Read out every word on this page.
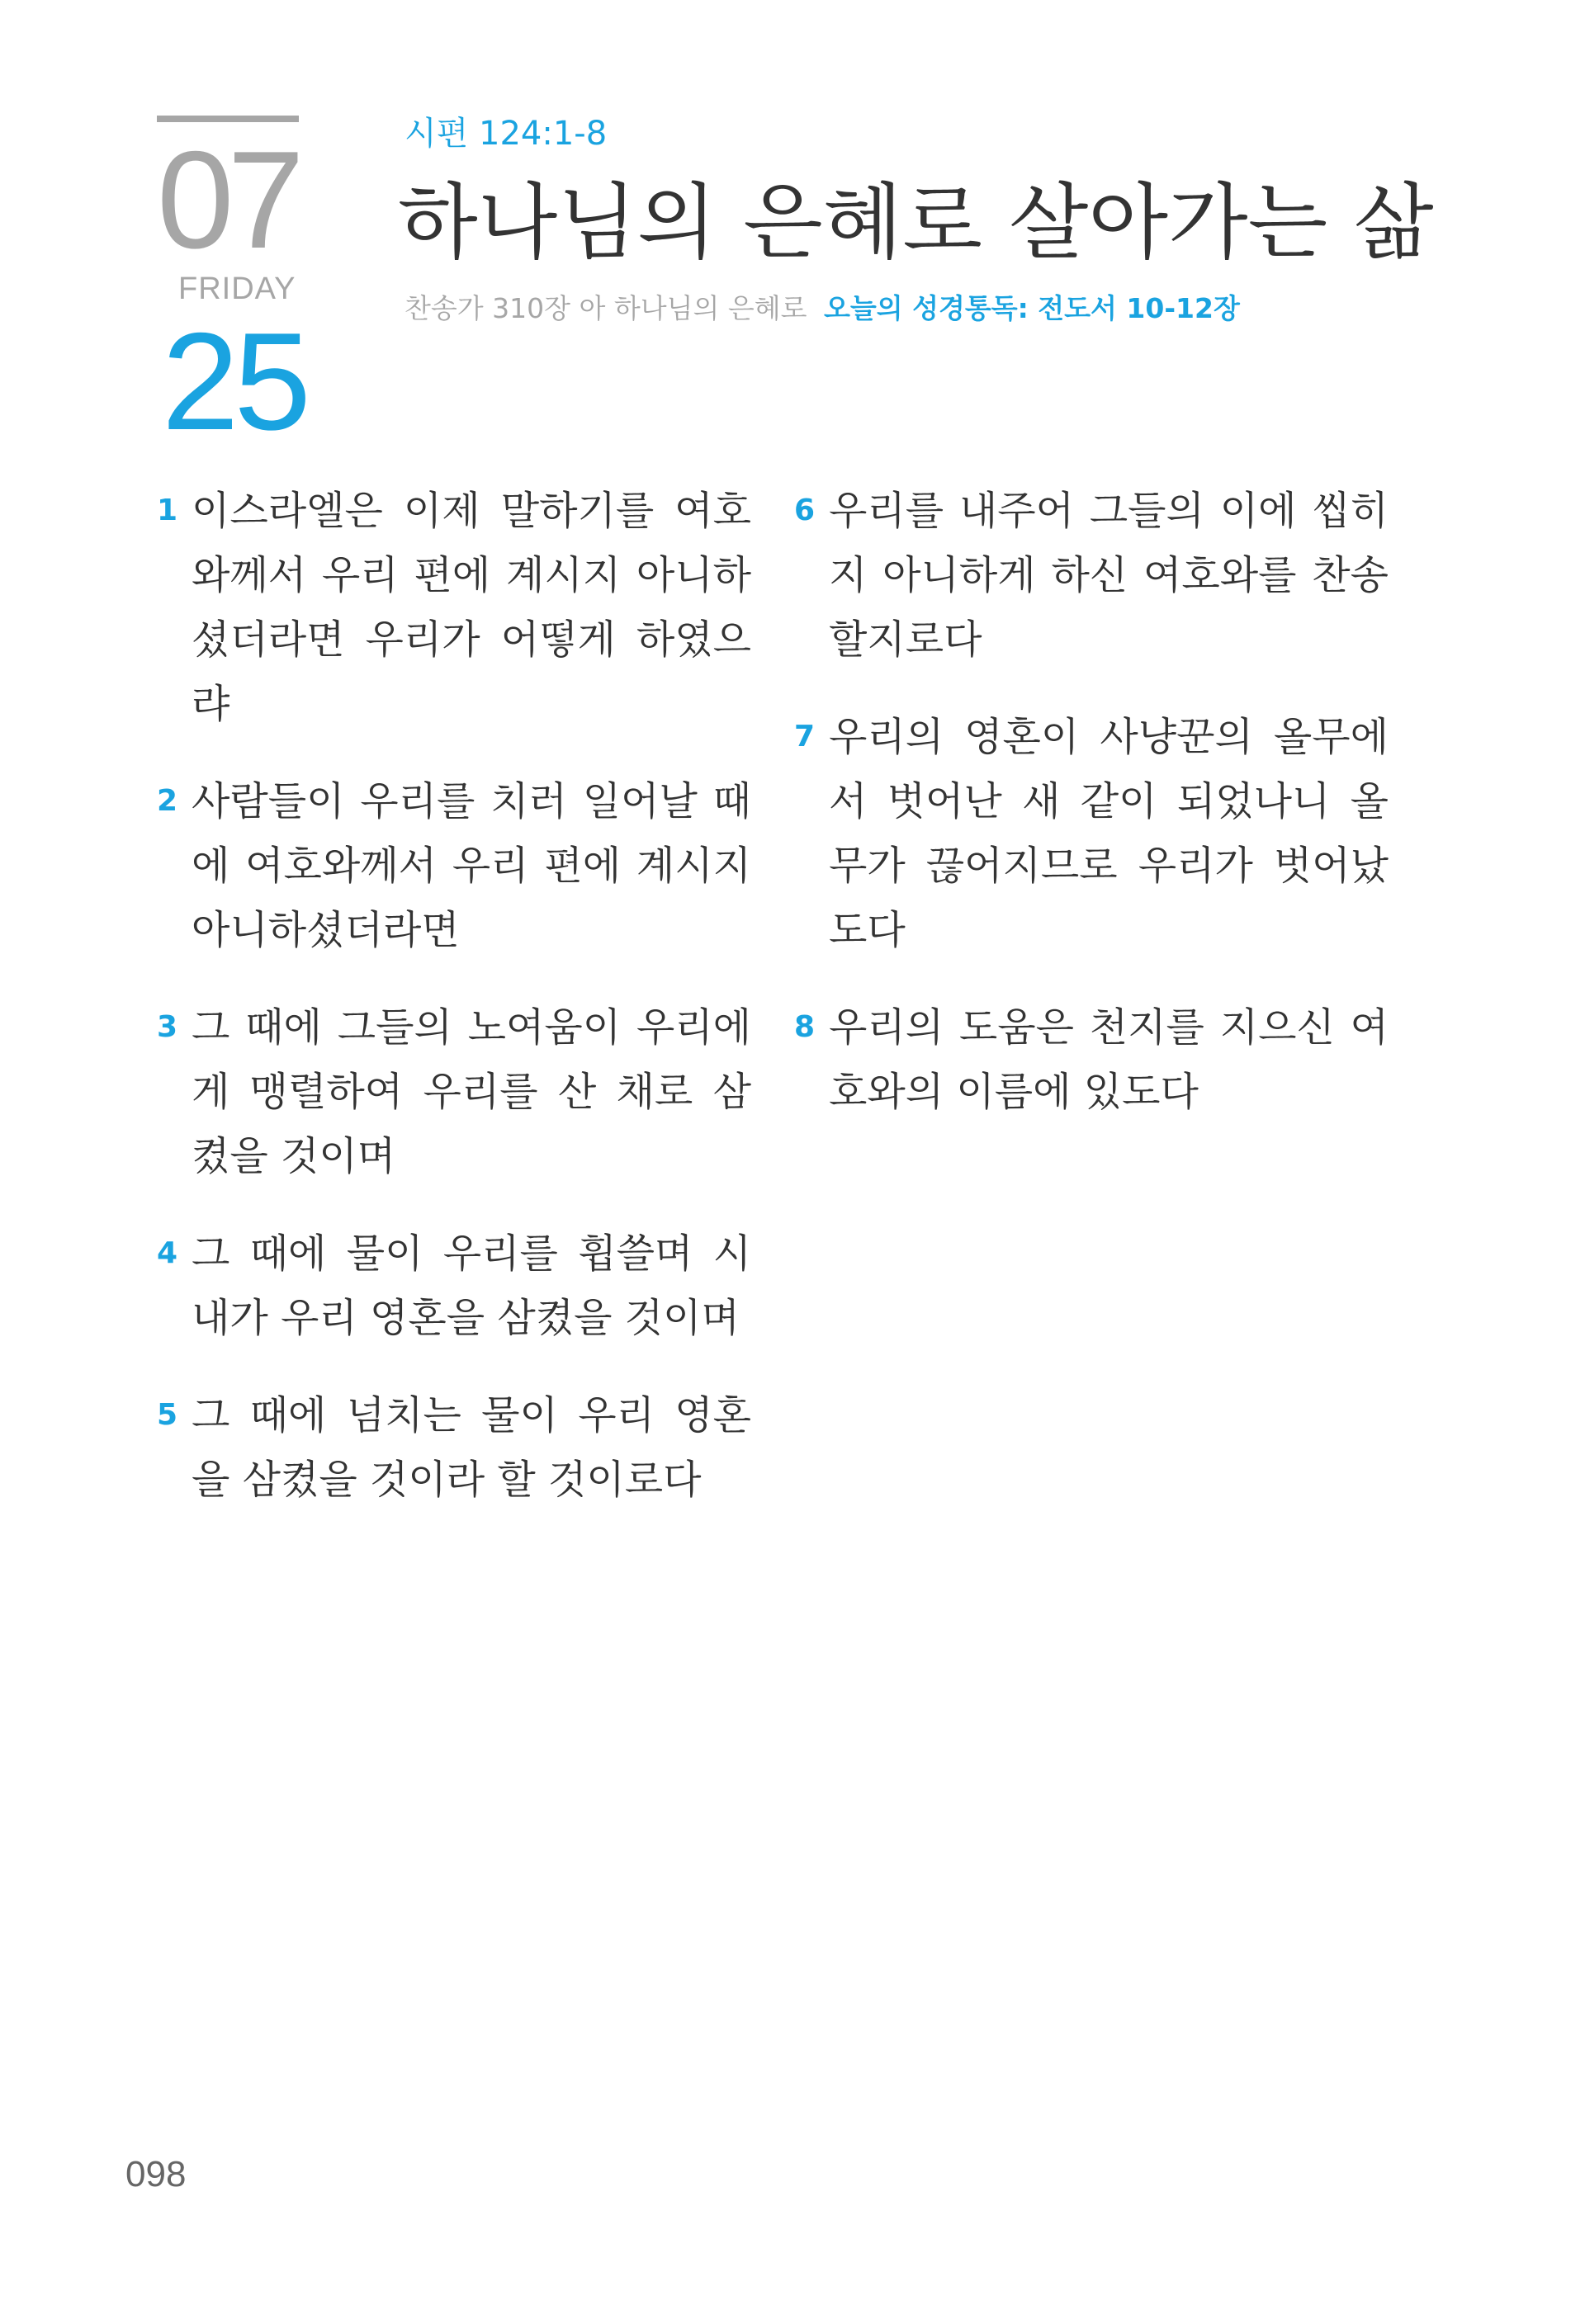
07
FRIDAY
25
시편 124:1-8
하나님의 은혜로 살아가는 삶
찬송가 310장 아 하나님의 은혜로 오늘의 성경통독: 전도서 10-12장
1 이스라엘은 이제 말하기를 여호와께서 우리 편에 계시지 아니하셨더라면 우리가 어떻게 하였으랴
2 사람들이 우리를 치러 일어날 때에 여호와께서 우리 편에 계시지 아니하셨더라면
3 그 때에 그들의 노여움이 우리에게 맹렬하여 우리를 산 채로 삼켰을 것이며
4 그 때에 물이 우리를 휩쓸며 시내가 우리 영혼을 삼켰을 것이며
5 그 때에 넘치는 물이 우리 영혼을 삼켰을 것이라 할 것이로다
6 우리를 내주어 그들의 이에 씹히지 아니하게 하신 여호와를 찬송할지로다
7 우리의 영혼이 사냥꾼의 올무에서 벗어난 새 같이 되었나니 올무가 끊어지므로 우리가 벗어났도다
8 우리의 도움은 천지를 지으신 여호와의 이름에 있도다
098
